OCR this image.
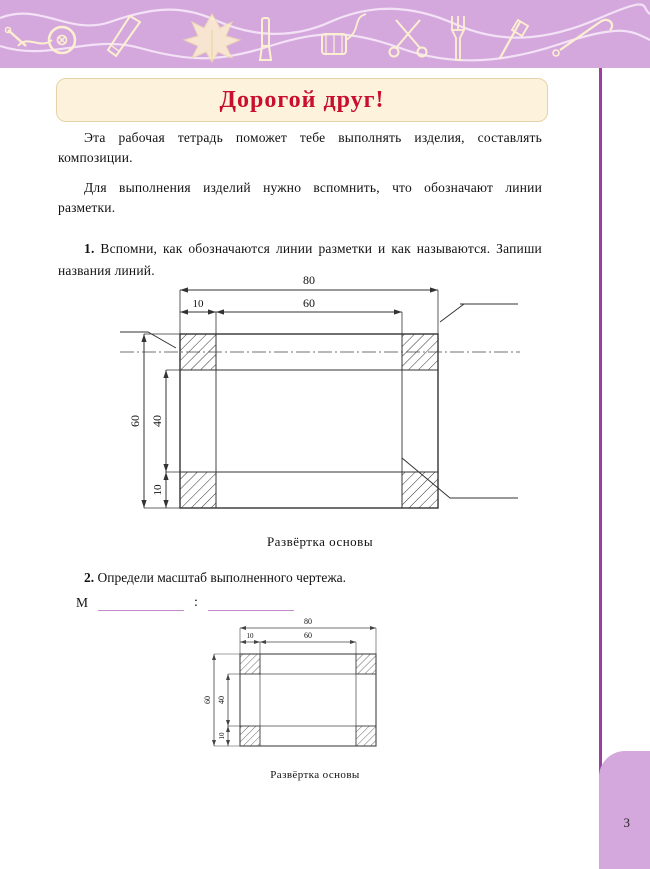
3
Дорогой друг!

Эта рабочая тетрадь поможет тебе выполнять изделия, составлять композиции.

Для выполнения изделий нужно вспомнить, что обозначают линии разметки.

1. Вспомни, как обозначаются линии разметки и как называются. Запиши названия линий.
80
10	60
60 40
10
Развёртка основы
2. Определи масштаб выполненного чертежа.
М	:
80
10	60
60 40
10
Развёртка основы
